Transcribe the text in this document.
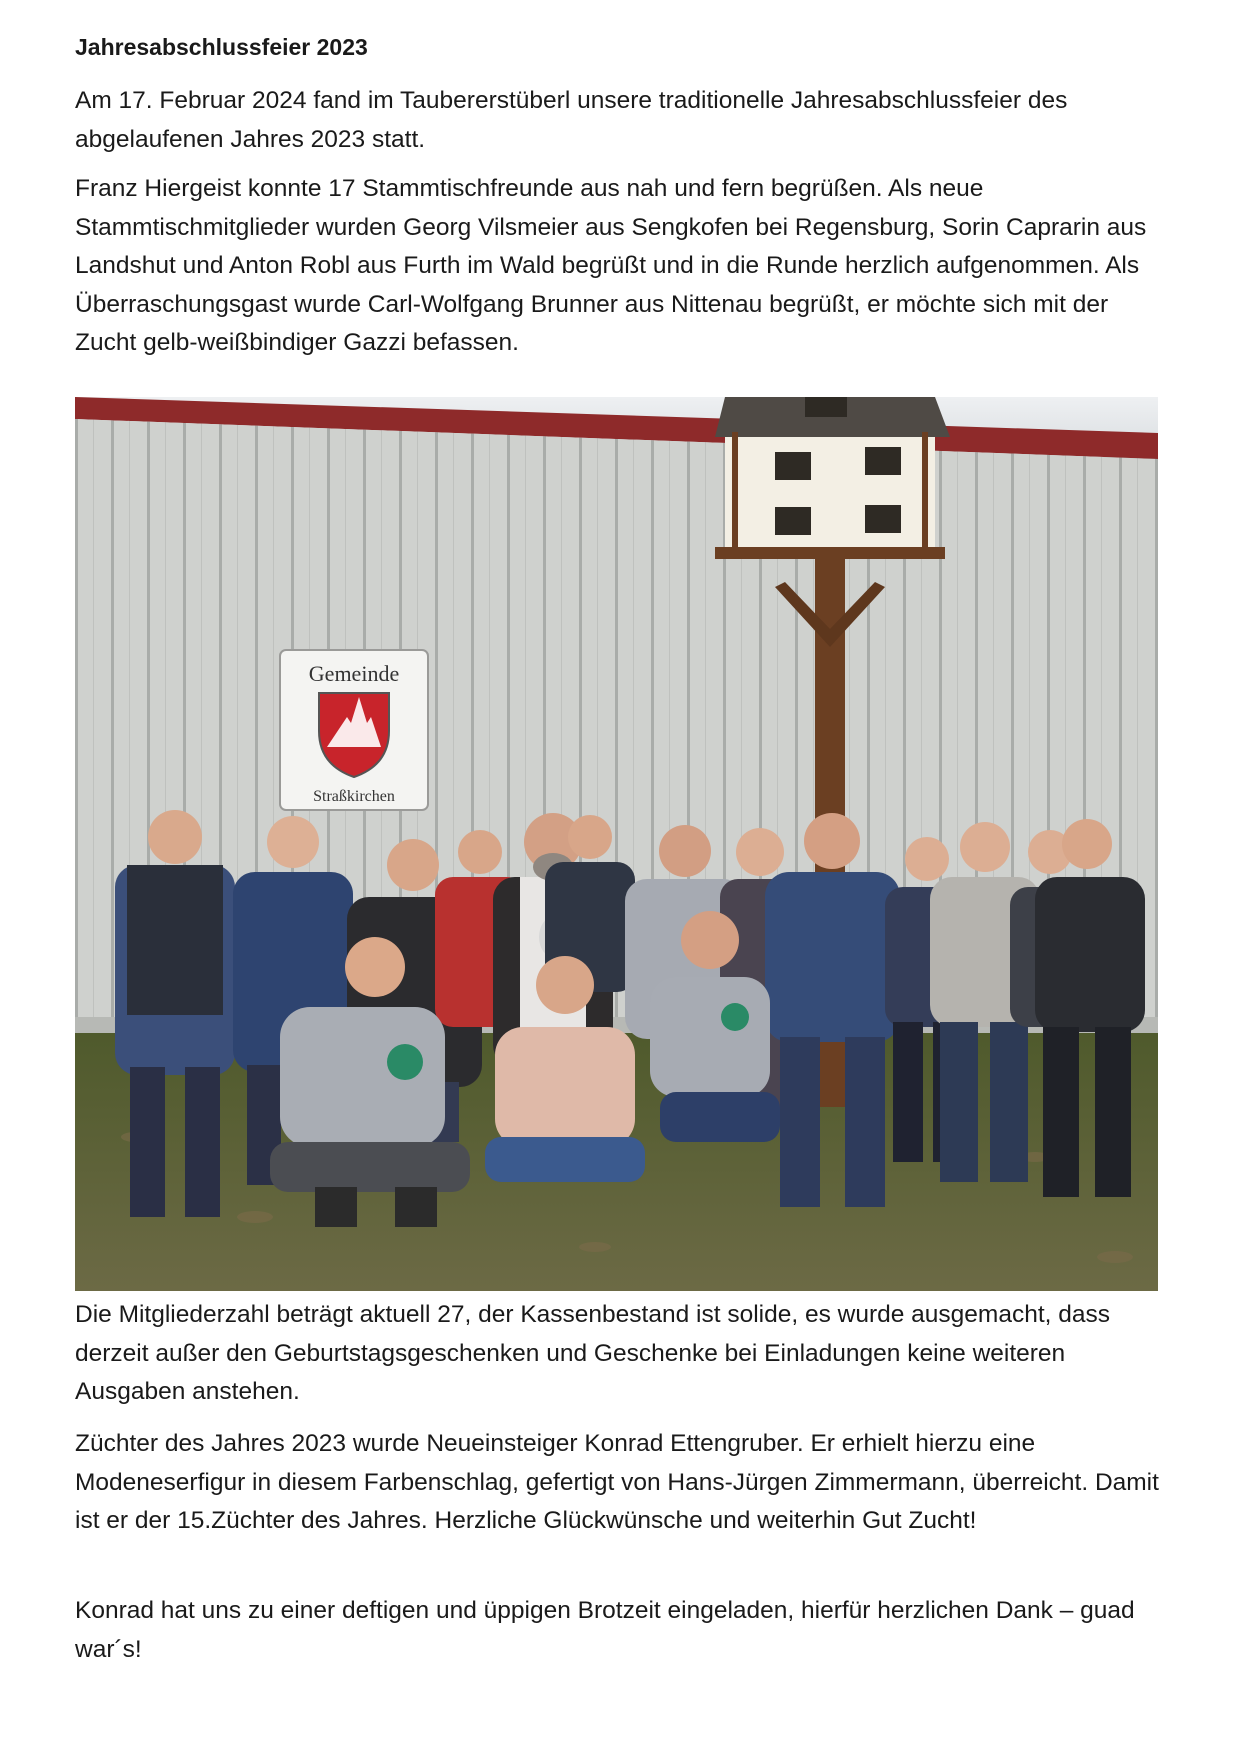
Jahresabschlussfeier 2023

Am 17. Februar 2024 fand im Taubererstüberl unsere traditionelle Jahresabschlussfeier des abgelaufenen Jahres 2023 statt.

Franz Hiergeist konnte 17 Stammtischfreunde aus nah und fern begrüßen. Als neue Stammtischmitglieder wurden Georg Vilsmeier aus Sengkofen bei Regensburg, Sorin Caprarin aus Landshut und Anton Robl aus Furth im Wald begrüßt und in die Runde herzlich aufgenommen. Als Überraschungsgast wurde Carl-Wolfgang Brunner aus Nittenau begrüßt, er möchte sich mit der Zucht gelb-weißbindiger Gazzi befassen.

Gemeinde
Straßkirchen

Die Mitgliederzahl beträgt aktuell 27, der Kassenbestand ist solide, es wurde ausgemacht, dass derzeit außer den Geburtstagsgeschenken und Geschenke bei Einladungen keine weiteren Ausgaben anstehen.

Züchter des Jahres 2023 wurde Neueinsteiger Konrad Ettengruber. Er erhielt hierzu eine Modeneserfigur in diesem Farbenschlag, gefertigt von Hans-Jürgen Zimmermann, überreicht. Damit ist er der 15.Züchter des Jahres. Herzliche Glückwünsche und weiterhin Gut Zucht!

Konrad hat uns zu einer deftigen und üppigen Brotzeit eingeladen, hierfür herzlichen Dank – guad war´s!
